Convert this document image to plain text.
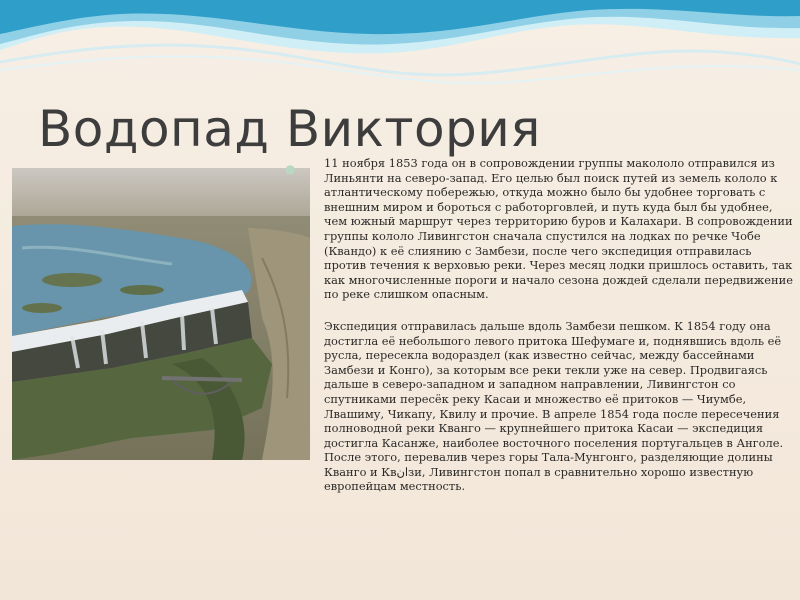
Водопад Виктория
●	11 ноября 1853 года он в сопровождении группы макололо отправился из Линьянти на северо-запад. Его целью был поиск путей из земель кололо к атлантическому побережью, откуда можно было бы удобнее торговать с внешним миром и бороться с работорговлей, и путь куда был бы удобнее, чем южный маршрут через территорию буров и Калахари. В сопровождении группы кололо Ливингстон сначала спустился на лодках по речке Чобе (Квандо) к её слиянию с Замбези, после чего экспедиция отправилась против течения к верховью реки. Через месяц лодки пришлось оставить, так как многочисленные пороги и начало сезона дождей сделали передвижение по реке слишком опасным.

Экспедиция отправилась дальше вдоль Замбези пешком. К 1854 году она достигла её небольшого левого притока Шефумаге и, поднявшись вдоль её русла, пересекла водораздел (как известно сейчас, между бассейнами Замбези и Конго), за которым все реки текли уже на север. Продвигаясь дальше в северо-западном и западном направлении, Ливингстон со спутниками пересёк реку Касаи и множество её притоков — Чиумбе, Лвашиму, Чикапу, Квилу и прочие. В апреле 1854 года после пересечения полноводной реки Кванго — крупнейшего притока Касаи — экспедиция достигла Касанже, наиболее восточного поселения португальцев в Анголе. После этого, перевалив через горы Тала-Мунгонго, разделяющие долины Кванго и Квانзи, Ливингстон попал в сравнительно хорошо известную европейцам местность.
